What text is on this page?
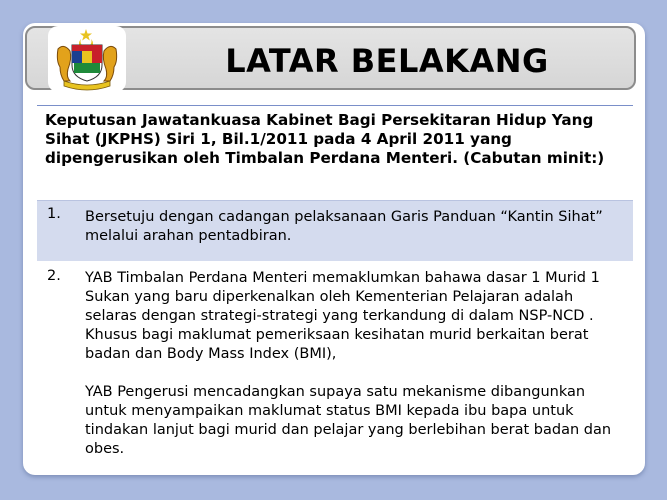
LATAR BELAKANG
Keputusan Jawatankuasa Kabinet Bagi Persekitaran Hidup Yang Sihat (JKPHS) Siri 1, Bil.1/2011 pada 4 April 2011 yang dipengerusikan oleh Timbalan Perdana Menteri. (Cabutan minit:)
1. Bersetuju dengan cadangan pelaksanaan Garis Panduan “Kantin Sihat” melalui arahan pentadbiran.

2. YAB Timbalan Perdana Menteri memaklumkan bahawa dasar 1 Murid 1 Sukan yang baru diperkenalkan oleh Kementerian Pelajaran adalah selaras dengan strategi-strategi yang terkandung di dalam NSP-NCD . Khusus bagi maklumat pemeriksaan kesihatan murid berkaitan berat badan dan Body Mass Index (BMI),

YAB Pengerusi mencadangkan supaya satu mekanisme dibangunkan untuk menyampaikan maklumat status BMI kepada ibu bapa untuk tindakan lanjut bagi murid dan pelajar yang berlebihan berat badan dan obes.
